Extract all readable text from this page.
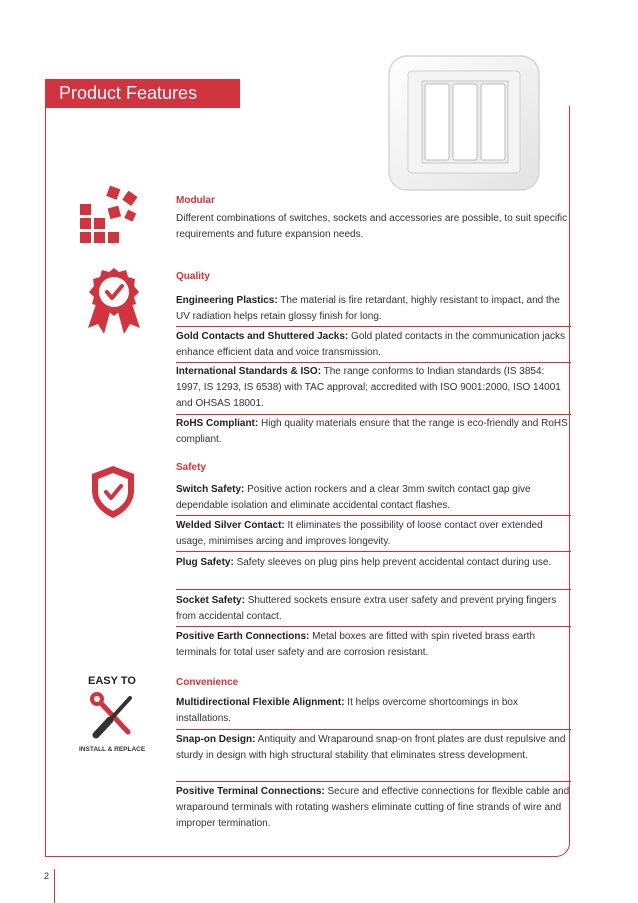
Product Features
EASY TO
INSTALL & REPLACE
Modular
Different combinations of switches, sockets and accessories are possible, to suit specific requirements and future expansion needs.
Quality
Engineering Plastics: The material is fire retardant, highly resistant to impact, and the UV radiation helps retain glossy finish for long.
Gold Contacts and Shuttered Jacks: Gold plated contacts in the communication jacks enhance efficient data and voice transmission.
International Standards & ISO: The range conforms to Indian standards (IS 3854: 1997, IS 1293, IS 6538) with TAC approval; accredited with ISO 9001:2000, ISO 14001 and OHSAS 18001.
RoHS Compliant: High quality materials ensure that the range is eco-friendly and RoHS compliant.
Safety
Switch Safety: Positive action rockers and a clear 3mm switch contact gap give dependable isolation and eliminate accidental contact flashes.
Welded Silver Contact: It eliminates the possibility of loose contact over extended usage, minimises arcing and improves longevity.
Plug Safety: Safety sleeves on plug pins help prevent accidental contact during use.
Socket Safety: Shuttered sockets ensure extra user safety and prevent prying fingers from accidental contact.
Positive Earth Connections: Metal boxes are fitted with spin riveted brass earth terminals for total user safety and are corrosion resistant.
Convenience
Multidirectional Flexible Alignment: It helps overcome shortcomings in box installations.
Snap-on Design: Antiquity and Wraparound snap-on front plates are dust repulsive and sturdy in design with high structural stability that eliminates stress development.
Positive Terminal Connections: Secure and effective connections for flexible cable and wraparound terminals with rotating washers eliminate cutting of fine strands of wire and improper termination.
2
